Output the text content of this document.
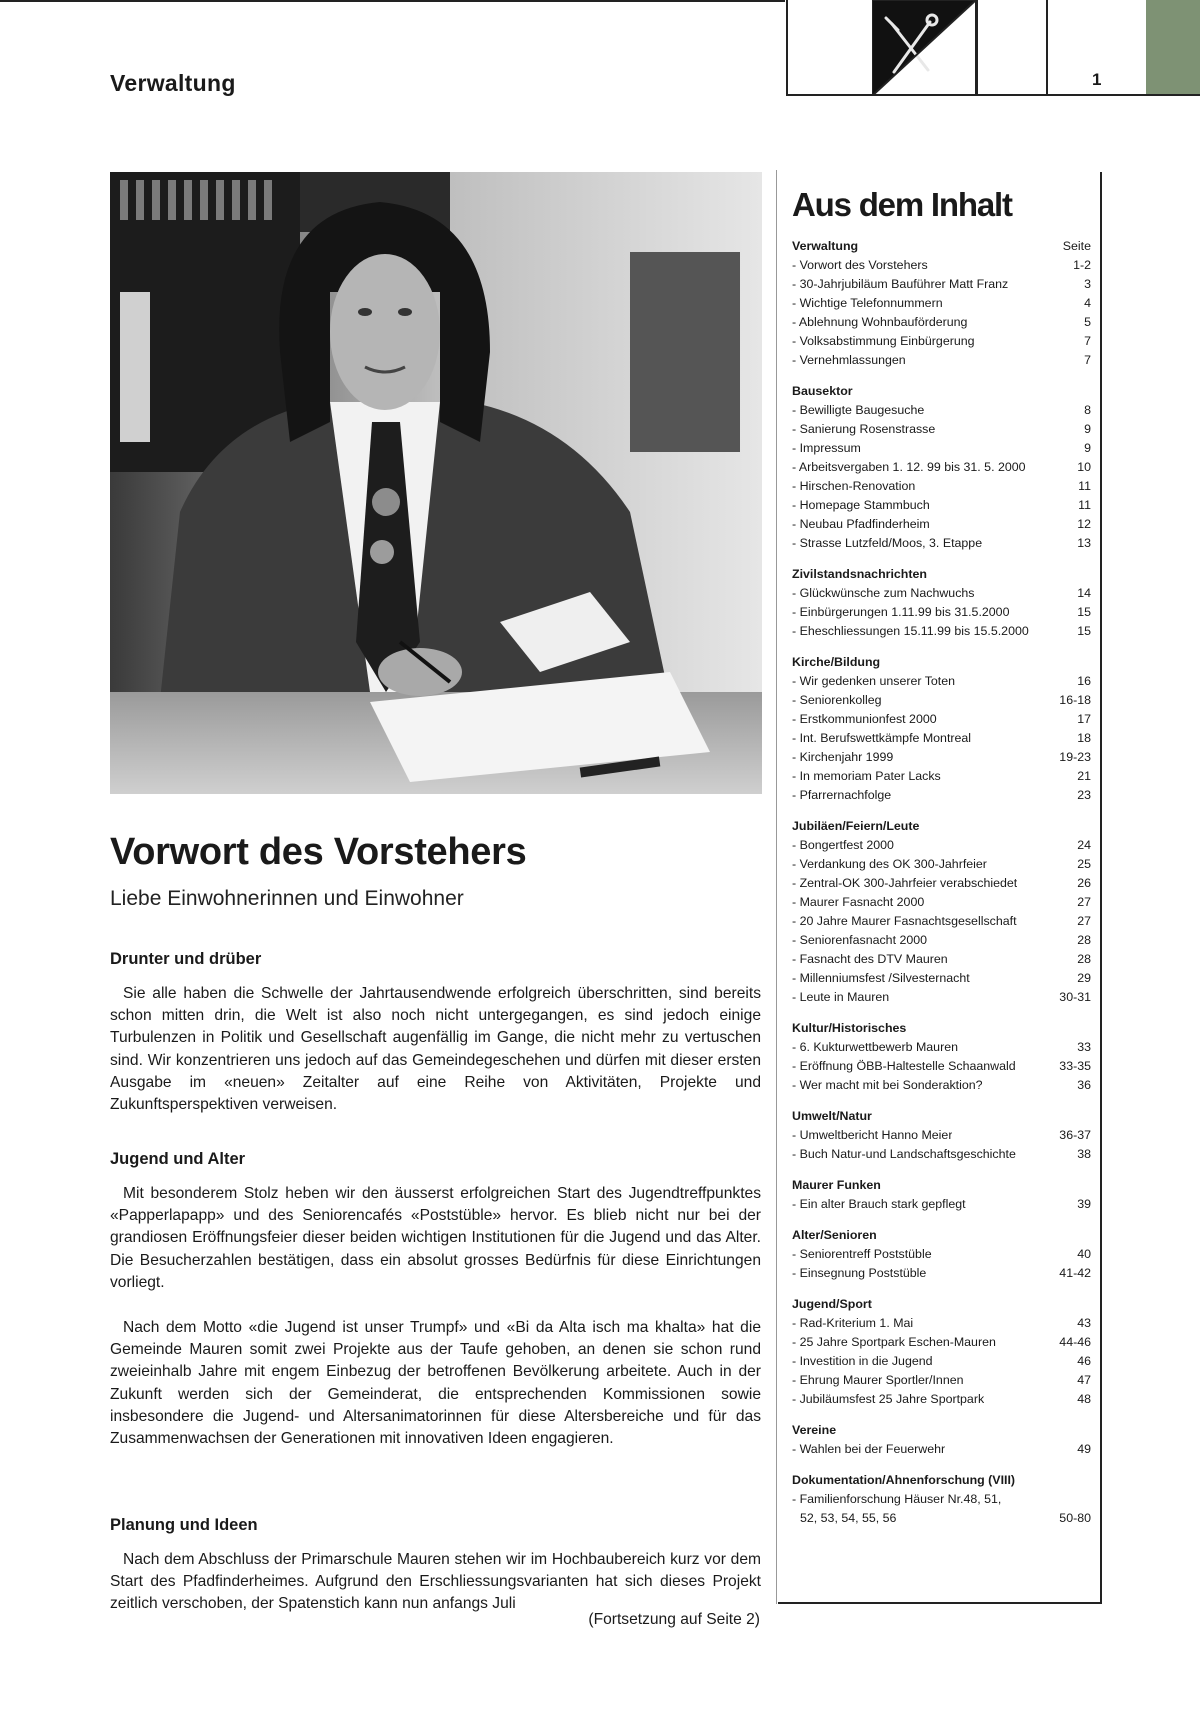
Verwaltung	1
Vorwort des Vorstehers

Liebe Einwohnerinnen und Einwohner

Drunter und drüber

Sie alle haben die Schwelle der Jahrtausendwende erfolgreich überschritten, sind bereits schon mitten drin, die Welt ist also noch nicht untergegangen, es sind jedoch einige Turbulenzen in Politik und Gesellschaft augenfällig im Gange, die nicht mehr zu vertuschen sind. Wir konzentrieren uns jedoch auf das Gemeindegeschehen und dürfen mit dieser ersten Ausgabe im «neuen» Zeitalter auf eine Reihe von Aktivitäten, Projekte und Zukunftsperspektiven verweisen.

Jugend und Alter

Mit besonderem Stolz heben wir den äusserst erfolgreichen Start des Jugendtreffpunktes «Papperlapapp» und des Seniorencafés «Poststüble» hervor. Es blieb nicht nur bei der grandiosen Eröffnungsfeier dieser beiden wichtigen Institutionen für die Jugend und das Alter. Die Besucherzahlen bestätigen, dass ein absolut grosses Bedürfnis für diese Einrichtungen vorliegt.

Nach dem Motto «die Jugend ist unser Trumpf» und «Bi da Alta isch ma khalta» hat die Gemeinde Mauren somit zwei Projekte aus der Taufe gehoben, an denen sie schon rund zweieinhalb Jahre mit engem Einbezug der betroffenen Bevölkerung arbeitete. Auch in der Zukunft werden sich der Gemeinderat, die entsprechenden Kommissionen sowie insbesondere die Jugend- und Altersanimatorinnen für diese Altersbereiche und für das Zusammenwachsen der Generationen mit innovativen Ideen engagieren.

Planung und Ideen

Nach dem Abschluss der Primarschule Mauren stehen wir im Hochbaubereich kurz vor dem Start des Pfadfinderheimes. Aufgrund den Erschliessungsvarianten hat sich dieses Projekt zeitlich verschoben, der Spatenstich kann nun anfangs Juli

(Fortsetzung auf Seite 2)
Aus dem Inhalt
Verwaltung	Seite
- Vorwort des Vorstehers	1-2
- 30-Jahrjubiläum Bauführer Matt Franz	3
- Wichtige Telefonnummern	4
- Ablehnung Wohnbauförderung	5
- Volksabstimmung Einbürgerung	7
- Vernehmlassungen	7
Bausektor
- Bewilligte Baugesuche	8
- Sanierung Rosenstrasse	9
- Impressum	9
- Arbeitsvergaben 1. 12. 99 bis 31. 5. 2000	10
- Hirschen-Renovation	11
- Homepage Stammbuch	11
- Neubau Pfadfinderheim	12
- Strasse Lutzfeld/Moos, 3. Etappe	13
Zivilstandsnachrichten
- Glückwünsche zum Nachwuchs	14
- Einbürgerungen 1.11.99 bis 31.5.2000	15
- Eheschliessungen 15.11.99 bis 15.5.2000	15
Kirche/Bildung
- Wir gedenken unserer Toten	16
- Seniorenkolleg	16-18
- Erstkommunionfest 2000	17
- Int. Berufswettkämpfe Montreal	18
- Kirchenjahr 1999	19-23
- In memoriam Pater Lacks	21
- Pfarrernachfolge	23
Jubiläen/Feiern/Leute
- Bongertfest 2000	24
- Verdankung des OK 300-Jahrfeier	25
- Zentral-OK 300-Jahrfeier verabschiedet	26
- Maurer Fasnacht 2000	27
- 20 Jahre Maurer Fasnachtsgesellschaft	27
- Seniorenfasnacht 2000	28
- Fasnacht des DTV Mauren	28
- Millenniumsfest /Silvesternacht	29
- Leute in Mauren	30-31
Kultur/Historisches
- 6. Kukturwettbewerb Mauren	33
- Eröffnung ÖBB-Haltestelle Schaanwald	33-35
- Wer macht mit bei Sonderaktion?	36
Umwelt/Natur
- Umweltbericht Hanno Meier	36-37
- Buch Natur-und Landschaftsgeschichte	38
Maurer Funken
- Ein alter Brauch stark gepflegt	39
Alter/Senioren
- Seniorentreff Poststüble	40
- Einsegnung Poststüble	41-42
Jugend/Sport
- Rad-Kriterium 1. Mai	43
- 25 Jahre Sportpark Eschen-Mauren	44-46
- Investition in die Jugend	46
- Ehrung Maurer Sportler/Innen	47
- Jubiläumsfest 25 Jahre Sportpark	48
Vereine
- Wahlen bei der Feuerwehr	49
Dokumentation/Ahnenforschung (VIII)
- Familienforschung Häuser Nr.48, 51,
52, 53, 54, 55, 56	50-80
